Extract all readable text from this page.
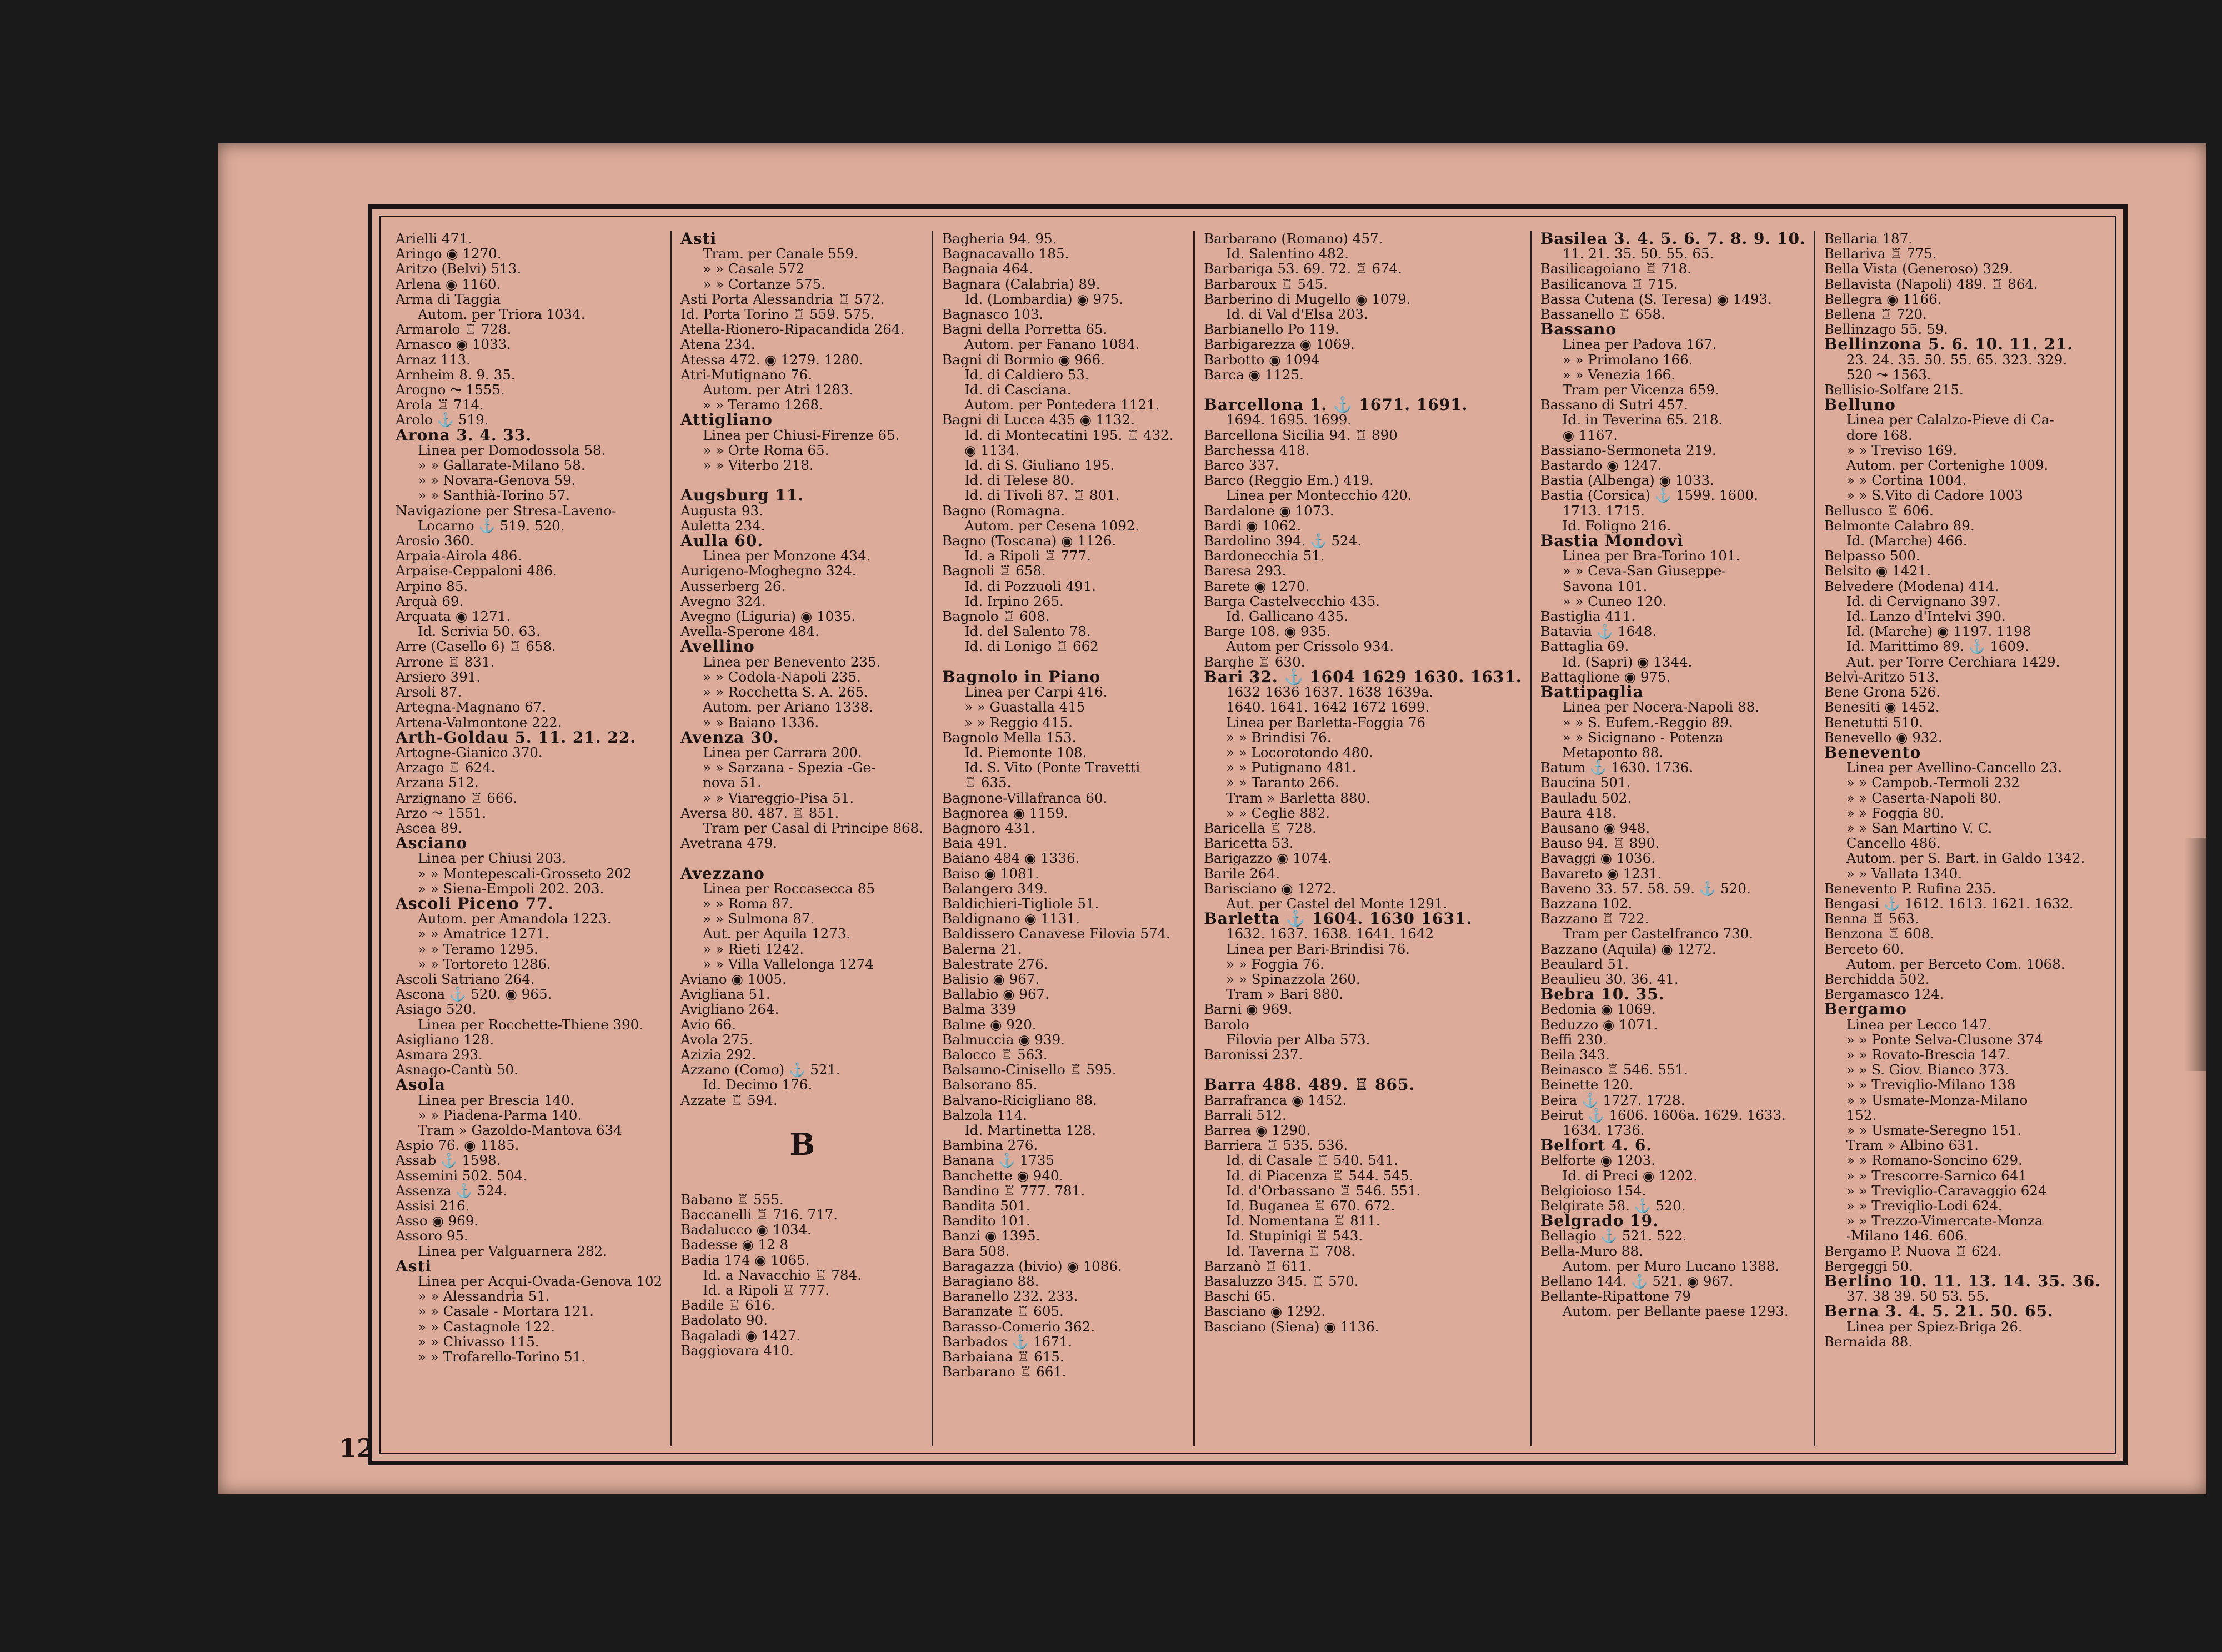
Arielli 471.
Aringo ◉ 1270.
Aritzo (Belvi) 513.
Arlena ◉ 1160.
Arma di Taggia
Autom. per Triora 1034.
Armarolo ♖ 728.
Arnasco ◉ 1033.
Arnaz 113.
Arnheim 8. 9. 35.
Arogno ⤳ 1555.
Arola ♖ 714.
Arolo ⚓ 519.
Arona 3. 4. 33.
Linea per Domodossola 58.
» » Gallarate-Milano 58.
» » Novara-Genova 59.
» » Santhià-Torino 57.
Navigazione per Stresa-Laveno-
Locarno ⚓ 519. 520.
Arosio 360.
Arpaia-Airola 486.
Arpaise-Ceppaloni 486.
Arpino 85.
Arquà 69.
Arquata ◉ 1271.
Id. Scrivia 50. 63.
Arre (Casello 6) ♖ 658.
Arrone ♖ 831.
Arsiero 391.
Arsoli 87.
Artegna-Magnano 67.
Artena-Valmontone 222.
Arth-Goldau 5. 11. 21. 22.
Artogne-Gianico 370.
Arzago ♖ 624.
Arzana 512.
Arzignano ♖ 666.
Arzo ⤳ 1551.
Ascea 89.
Asciano
Linea per Chiusi 203.
» » Montepescali-Grosseto 202
» » Siena-Empoli 202. 203.
Ascoli Piceno 77.
Autom. per Amandola 1223.
» » Amatrice 1271.
» » Teramo 1295.
» » Tortoreto 1286.
Ascoli Satriano 264.
Ascona ⚓ 520. ◉ 965.
Asiago 520.
Linea per Rocchette-Thiene 390.
Asigliano 128.
Asmara 293.
Asnago-Cantù 50.
Asola
Linea per Brescia 140.
» » Piadena-Parma 140.
Tram » Gazoldo-Mantova 634
Aspio 76. ◉ 1185.
Assab ⚓ 1598.
Assemini 502. 504.
Assenza ⚓ 524.
Assisi 216.
Asso ◉ 969.
Assoro 95.
Linea per Valguarnera 282.
Asti
Linea per Acqui-Ovada-Genova 102
» » Alessandria 51.
» » Casale - Mortara 121.
» » Castagnole 122.
» » Chivasso 115.
» » Trofarello-Torino 51.
Asti
Tram. per Canale 559.
» » Casale 572
» » Cortanze 575.
Asti Porta Alessandria ♖ 572.
Id. Porta Torino ♖ 559. 575.
Atella-Rionero-Ripacandida 264.
Atena 234.
Atessa 472. ◉ 1279. 1280.
Atri-Mutignano 76.
Autom. per Atri 1283.
» » Teramo 1268.
Attigliano
Linea per Chiusi-Firenze 65.
» » Orte Roma 65.
» » Viterbo 218.

Augsburg 11.
Augusta 93.
Auletta 234.
Aulla 60.
Linea per Monzone 434.
Aurigeno-Moghegno 324.
Ausserberg 26.
Avegno 324.
Avegno (Liguria) ◉ 1035.
Avella-Sperone 484.
Avellino
Linea per Benevento 235.
» » Codola-Napoli 235.
» » Rocchetta S. A. 265.
Autom. per Ariano 1338.
» » Baiano 1336.
Avenza 30.
Linea per Carrara 200.
» » Sarzana - Spezia -Ge-
nova 51.
» » Viareggio-Pisa 51.
Aversa 80. 487. ♖ 851.
Tram per Casal di Principe 868.
Avetrana 479.

Avezzano
Linea per Roccasecca 85
» » Roma 87.
» » Sulmona 87.
Aut. per Aquila 1273.
» » Rieti 1242.
» » Villa Vallelonga 1274
Aviano ◉ 1005.
Avigliana 51.
Avigliano 264.
Avio 66.
Avola 275.
Azizia 292.
Azzano (Como) ⚓ 521.
Id. Decimo 176.
Azzate ♖ 594.
B
Babano ♖ 555.
Baccanelli ♖ 716. 717.
Badalucco ◉ 1034.
Badesse ◉ 12 8
Badia 174 ◉ 1065.
Id. a Navacchio ♖ 784.
Id. a Ripoli ♖ 777.
Badile ♖ 616.
Badolato 90.
Bagaladi ◉ 1427.
Baggiovara 410.
Bagheria 94. 95.
Bagnacavallo 185.
Bagnaia 464.
Bagnara (Calabria) 89.
Id. (Lombardia) ◉ 975.
Bagnasco 103.
Bagni della Porretta 65.
Autom. per Fanano 1084.
Bagni di Bormio ◉ 966.
Id. di Caldiero 53.
Id. di Casciana.
Autom. per Pontedera 1121.
Bagni di Lucca 435 ◉ 1132.
Id. di Montecatini 195. ♖ 432.
◉ 1134.
Id. di S. Giuliano 195.
Id. di Telese 80.
Id. di Tivoli 87. ♖ 801.
Bagno (Romagna.
Autom. per Cesena 1092.
Bagno (Toscana) ◉ 1126.
Id. a Ripoli ♖ 777.
Bagnoli ♖ 658.
Id. di Pozzuoli 491.
Id. Irpino 265.
Bagnolo ♖ 608.
Id. del Salento 78.
Id. di Lonigo ♖ 662

Bagnolo in Piano
Linea per Carpi 416.
» » Guastalla 415
» » Reggio 415.
Bagnolo Mella 153.
Id. Piemonte 108.
Id. S. Vito (Ponte Travetti
♖ 635.
Bagnone-Villafranca 60.
Bagnorea ◉ 1159.
Bagnoro 431.
Baia 491.
Baiano 484 ◉ 1336.
Baiso ◉ 1081.
Balangero 349.
Baldichieri-Tigliole 51.
Baldignano ◉ 1131.
Baldissero Canavese Filovia 574.
Balerna 21.
Balestrate 276.
Balisio ◉ 967.
Ballabio ◉ 967.
Balma 339
Balme ◉ 920.
Balmuccia ◉ 939.
Balocco ♖ 563.
Balsamo-Cinisello ♖ 595.
Balsorano 85.
Balvano-Ricigliano 88.
Balzola 114.
Id. Martinetta 128.
Bambina 276.
Banana ⚓ 1735
Banchette ◉ 940.
Bandino ♖ 777. 781.
Bandita 501.
Bandito 101.
Banzi ◉ 1395.
Bara 508.
Baragazza (bivio) ◉ 1086.
Baragiano 88.
Baranello 232. 233.
Baranzate ♖ 605.
Barasso-Comerio 362.
Barbados ⚓ 1671.
Barbaiana ♖ 615.
Barbarano ♖ 661.
Barbarano (Romano) 457.
Id. Salentino 482.
Barbariga 53. 69. 72. ♖ 674.
Barbaroux ♖ 545.
Barberino di Mugello ◉ 1079.
Id. di Val d'Elsa 203.
Barbianello Po 119.
Barbigarezza ◉ 1069.
Barbotto ◉ 1094
Barca ◉ 1125.

Barcellona 1. ⚓ 1671. 1691.
1694. 1695. 1699.
Barcellona Sicilia 94. ♖ 890
Barchessa 418.
Barco 337.
Barco (Reggio Em.) 419.
Linea per Montecchio 420.
Bardalone ◉ 1073.
Bardi ◉ 1062.
Bardolino 394. ⚓ 524.
Bardonecchia 51.
Baresa 293.
Barete ◉ 1270.
Barga Castelvecchio 435.
Id. Gallicano 435.
Barge 108. ◉ 935.
Autom per Crissolo 934.
Barghe ♖ 630.
Bari 32. ⚓ 1604 1629 1630. 1631.
1632 1636 1637. 1638 1639a.
1640. 1641. 1642 1672 1699.
Linea per Barletta-Foggia 76
» » Brindisi 76.
» » Locorotondo 480.
» » Putignano 481.
» » Taranto 266.
Tram » Barletta 880.
» » Ceglie 882.
Baricella ♖ 728.
Baricetta 53.
Barigazzo ◉ 1074.
Barile 264.
Barisciano ◉ 1272.
Aut. per Castel del Monte 1291.
Barletta ⚓ 1604. 1630 1631.
1632. 1637. 1638. 1641. 1642
Linea per Bari-Brindisi 76.
» » Foggia 76.
» » Spinazzola 260.
Tram » Bari 880.
Barni ◉ 969.
Barolo
Filovia per Alba 573.
Baronissi 237.

Barra 488. 489. ♖ 865.
Barrafranca ◉ 1452.
Barrali 512.
Barrea ◉ 1290.
Barriera ♖ 535. 536.
Id. di Casale ♖ 540. 541.
Id. di Piacenza ♖ 544. 545.
Id. d'Orbassano ♖ 546. 551.
Id. Buganea ♖ 670. 672.
Id. Nomentana ♖ 811.
Id. Stupinigi ♖ 543.
Id. Taverna ♖ 708.
Barzanò ♖ 611.
Basaluzzo 345. ♖ 570.
Baschi 65.
Basciano ◉ 1292.
Basciano (Siena) ◉ 1136.
Basilea 3. 4. 5. 6. 7. 8. 9. 10.
11. 21. 35. 50. 55. 65.
Basilicagoiano ♖ 718.
Basilicanova ♖ 715.
Bassa Cutena (S. Teresa) ◉ 1493.
Bassanello ♖ 658.
Bassano
Linea per Padova 167.
» » Primolano 166.
» » Venezia 166.
Tram per Vicenza 659.
Bassano di Sutri 457.
Id. in Teverina 65. 218.
◉ 1167.
Bassiano-Sermoneta 219.
Bastardo ◉ 1247.
Bastia (Albenga) ◉ 1033.
Bastia (Corsica) ⚓ 1599. 1600.
1713. 1715.
Id. Foligno 216.
Bastia Mondovì
Linea per Bra-Torino 101.
» » Ceva-San Giuseppe-
Savona 101.
» » Cuneo 120.
Bastiglia 411.
Batavia ⚓ 1648.
Battaglia 69.
Id. (Sapri) ◉ 1344.
Battaglione ◉ 975.
Battipaglia
Linea per Nocera-Napoli 88.
» » S. Eufem.-Reggio 89.
» » Sicignano - Potenza
Metaponto 88.
Batum ⚓ 1630. 1736.
Baucina 501.
Bauladu 502.
Baura 418.
Bausano ◉ 948.
Bauso 94. ♖ 890.
Bavaggi ◉ 1036.
Bavareto ◉ 1231.
Baveno 33. 57. 58. 59. ⚓ 520.
Bazzana 102.
Bazzano ♖ 722.
Tram per Castelfranco 730.
Bazzano (Aquila) ◉ 1272.
Beaulard 51.
Beaulieu 30. 36. 41.
Bebra 10. 35.
Bedonia ◉ 1069.
Beduzzo ◉ 1071.
Beffi 230.
Beila 343.
Beinasco ♖ 546. 551.
Beinette 120.
Beira ⚓ 1727. 1728.
Beirut ⚓ 1606. 1606a. 1629. 1633.
1634. 1736.
Belfort 4. 6.
Belforte ◉ 1203.
Id. di Preci ◉ 1202.
Belgioioso 154.
Belgirate 58. ⚓ 520.
Belgrado 19.
Bellagio ⚓ 521. 522.
Bella-Muro 88.
Autom. per Muro Lucano 1388.
Bellano 144. ⚓ 521. ◉ 967.
Bellante-Ripattone 79
Autom. per Bellante paese 1293.
Bellaria 187.
Bellariva ♖ 775.
Bella Vista (Generoso) 329.
Bellavista (Napoli) 489. ♖ 864.
Bellegra ◉ 1166.
Bellena ♖ 720.
Bellinzago 55. 59.
Bellinzona 5. 6. 10. 11. 21.
23. 24. 35. 50. 55. 65. 323. 329.
520 ⤳ 1563.
Bellisio-Solfare 215.
Belluno
Linea per Calalzo-Pieve di Ca-
dore 168.
» » Treviso 169.
Autom. per Cortenighe 1009.
» » Cortina 1004.
» » S.Vito di Cadore 1003
Bellusco ♖ 606.
Belmonte Calabro 89.
Id. (Marche) 466.
Belpasso 500.
Belsito ◉ 1421.
Belvedere (Modena) 414.
Id. di Cervignano 397.
Id. Lanzo d'Intelvi 390.
Id. (Marche) ◉ 1197. 1198
Id. Marittimo 89. ⚓ 1609.
Aut. per Torre Cerchiara 1429.
Belvì-Aritzo 513.
Bene Grona 526.
Benesiti ◉ 1452.
Benetutti 510.
Benevello ◉ 932.
Benevento
Linea per Avellino-Cancello 23.
» » Campob.-Termoli 232
» » Caserta-Napoli 80.
» » Foggia 80.
» » San Martino V. C.
Cancello 486.
Autom. per S. Bart. in Galdo 1342.
» » Vallata 1340.
Benevento P. Rufina 235.
Bengasi ⚓ 1612. 1613. 1621. 1632.
Benna ♖ 563.
Benzona ♖ 608.
Berceto 60.
Autom. per Berceto Com. 1068.
Berchidda 502.
Bergamasco 124.
Bergamo
Linea per Lecco 147.
» » Ponte Selva-Clusone 374
» » Rovato-Brescia 147.
» » S. Giov. Bianco 373.
» » Treviglio-Milano 138
» » Usmate-Monza-Milano
152.
» » Usmate-Seregno 151.
Tram » Albino 631.
» » Romano-Soncino 629.
» » Trescorre-Sarnico 641
» » Treviglio-Caravaggio 624
» » Treviglio-Lodi 624.
» » Trezzo-Vimercate-Monza
-Milano 146. 606.
Bergamo P. Nuova ♖ 624.
Bergeggi 50.
Berlino 10. 11. 13. 14. 35. 36.
37. 38 39. 50 53. 55.
Berna 3. 4. 5. 21. 50. 65.
Linea per Spiez-Briga 26.
Bernaida 88.
12
